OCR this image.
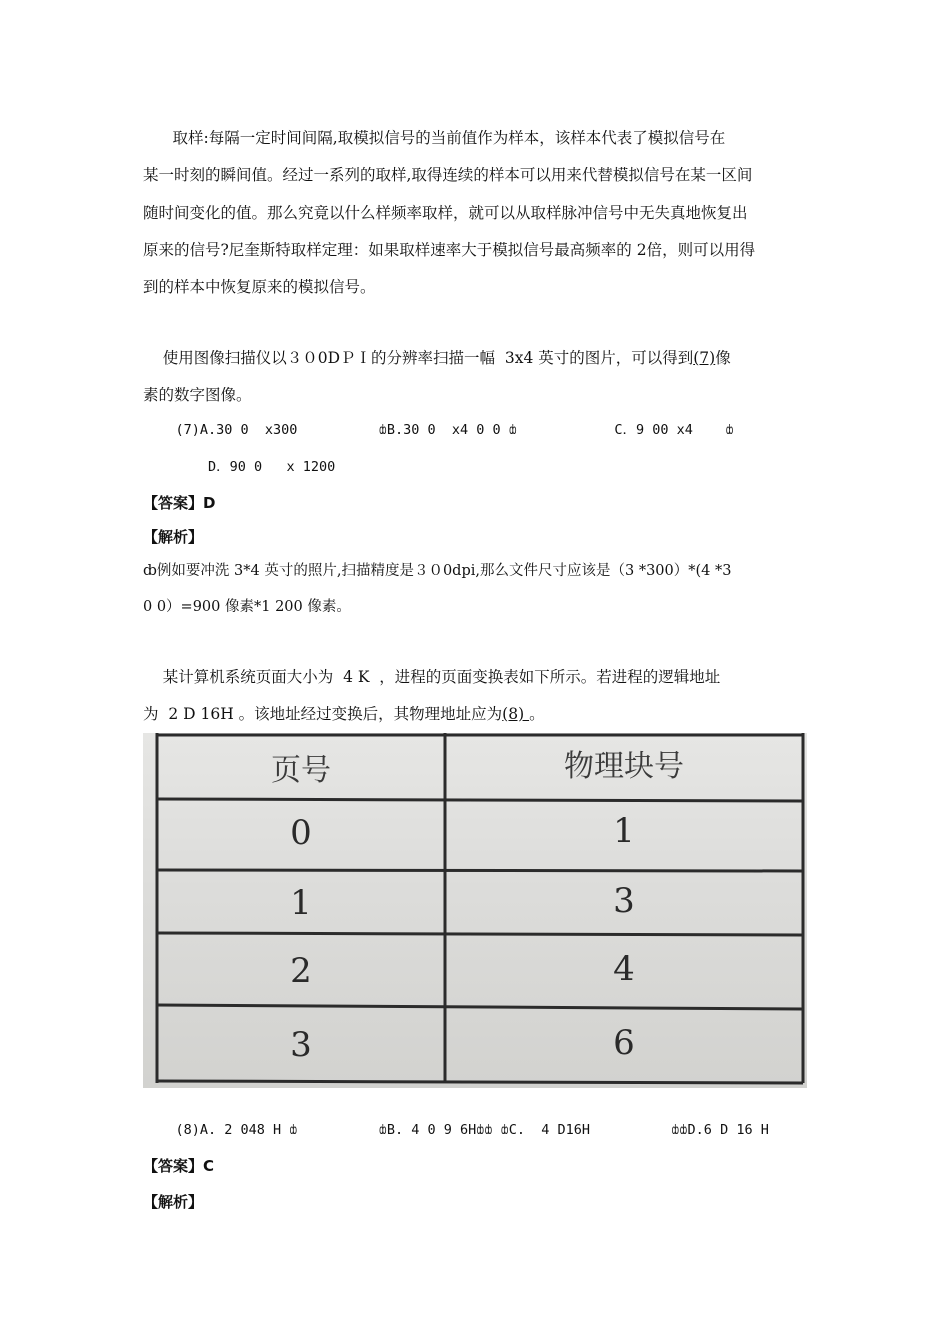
取样:每隔一定时间间隔,取模拟信号的当前值作为样本，该样本代表了模拟信号在
某一时刻的瞬间值。经过一系列的取样,取得连续的样本可以用来代替模拟信号在某一区间
随时间变化的值。那么究竟以什么样频率取样，就可以从取样脉冲信号中无失真地恢复出
原来的信号?尼奎斯特取样定理：如果取样速率大于模拟信号最高频率的 2倍，则可以用得
到的样本中恢复原来的模拟信号。
使用图像扫描仪以３０0DＰＩ的分辨率扫描一幅  3x4 英寸的图片，可以得到(7)像
素的数字图像。
(7)A.30 0  x300          ȸB.30 0  x4 0 0 ȸ            C．9 00 x4    ȸ
D．90 0   x 1200
【答案】D
【解析】
ȸ例如要冲洗 3*4 英寸的照片,扫描精度是３０0dpi,那么文件尺寸应该是（3 *300）*(4 *3
0 0）=900 像素*1 200 像素。
某计算机系统页面大小为  4 K  ，进程的页面变换表如下所示。若进程的逻辑地址
为  2 D 16H 。该地址经过变换后，其物理地址应为(8) 。
页号	物理块号
0	1
1	3
2	4
3	6
(8)A. 2 048 H ȸ          ȸB. 4 0 9 6Hȸȸ ȸC.  4 D16H          ȸȸD.6 D 16 H
【答案】C
【解析】
